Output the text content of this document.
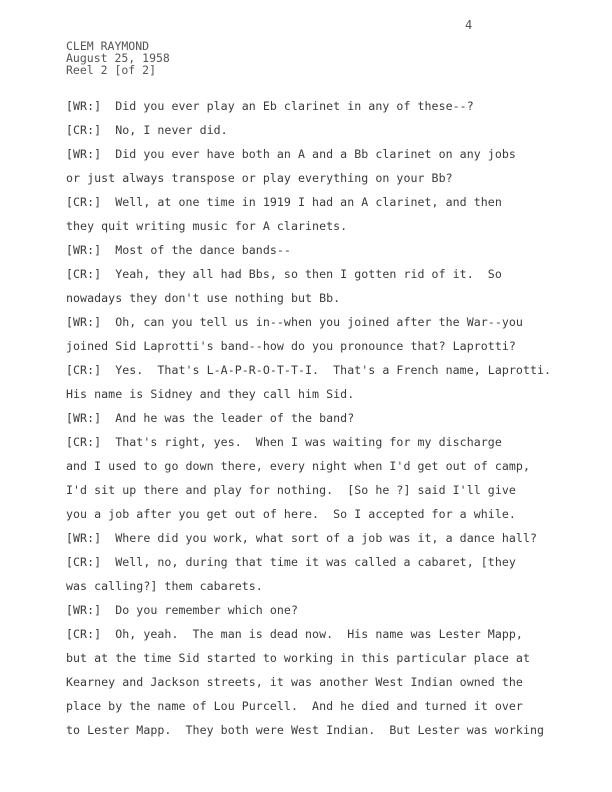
4
CLEM RAYMOND
August 25, 1958
Reel 2 [of 2]
[WR:]  Did you ever play an Eb clarinet in any of these--?
[CR:]  No, I never did.
[WR:]  Did you ever have both an A and a Bb clarinet on any jobs
or just always transpose or play everything on your Bb?
[CR:]  Well, at one time in 1919 I had an A clarinet, and then
they quit writing music for A clarinets.
[WR:]  Most of the dance bands--
[CR:]  Yeah, they all had Bbs, so then I gotten rid of it.  So
nowadays they don't use nothing but Bb.
[WR:]  Oh, can you tell us in--when you joined after the War--you
joined Sid Laprotti's band--how do you pronounce that? Laprotti?
[CR:]  Yes.  That's L-A-P-R-O-T-T-I.  That's a French name, Laprotti.
His name is Sidney and they call him Sid.
[WR:]  And he was the leader of the band?
[CR:]  That's right, yes.  When I was waiting for my discharge
and I used to go down there, every night when I'd get out of camp,
I'd sit up there and play for nothing.  [So he ?] said I'll give
you a job after you get out of here.  So I accepted for a while.
[WR:]  Where did you work, what sort of a job was it, a dance hall?
[CR:]  Well, no, during that time it was called a cabaret, [they
was calling?] them cabarets.
[WR:]  Do you remember which one?
[CR:]  Oh, yeah.  The man is dead now.  His name was Lester Mapp,
but at the time Sid started to working in this particular place at
Kearney and Jackson streets, it was another West Indian owned the
place by the name of Lou Purcell.  And he died and turned it over
to Lester Mapp.  They both were West Indian.  But Lester was working
